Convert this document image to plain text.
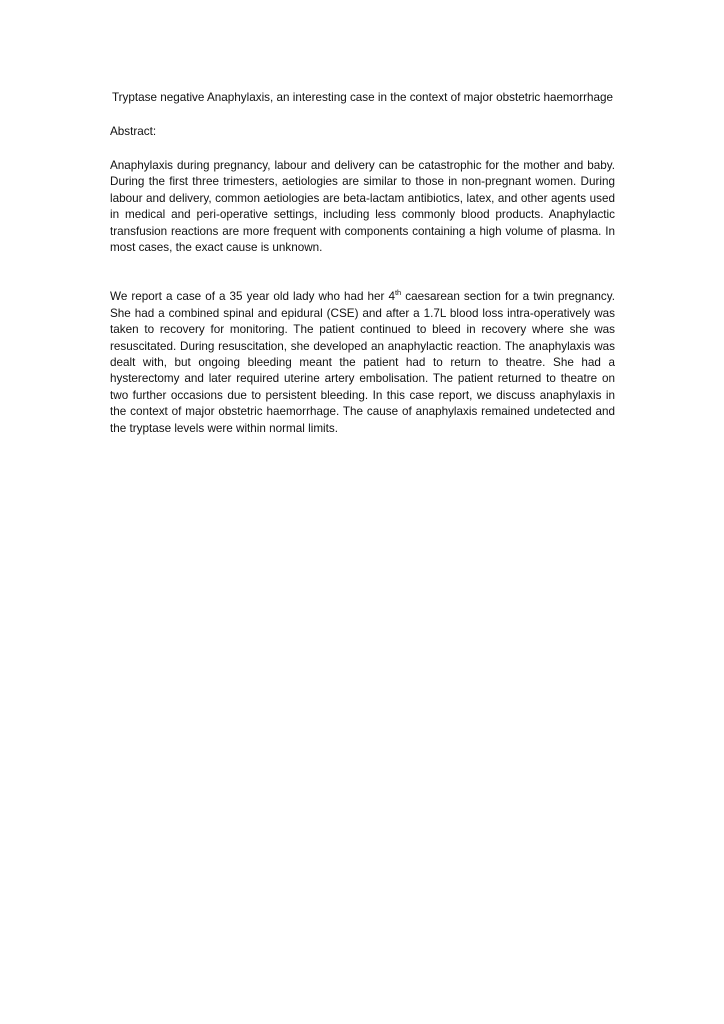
Tryptase negative Anaphylaxis, an interesting case in the context of major obstetric haemorrhage

Abstract:

Anaphylaxis during pregnancy, labour and delivery can be catastrophic for the mother and baby. During the first three trimesters, aetiologies are similar to those in non-pregnant women. During labour and delivery, common aetiologies are beta-lactam antibiotics, latex, and other agents used in medical and peri-operative settings, including less commonly blood products. Anaphylactic transfusion reactions are more frequent with components containing a high volume of plasma. In most cases, the exact cause is unknown.

We report a case of a 35 year old lady who had her 4th caesarean section for a twin pregnancy. She had a combined spinal and epidural (CSE) and after a 1.7L blood loss intra-operatively was taken to recovery for monitoring. The patient continued to bleed in recovery where she was resuscitated. During resuscitation, she developed an anaphylactic reaction. The anaphylaxis was dealt with, but ongoing bleeding meant the patient had to return to theatre. She had a hysterectomy and later required uterine artery embolisation. The patient returned to theatre on two further occasions due to persistent bleeding. In this case report, we discuss anaphylaxis in the context of major obstetric haemorrhage. The cause of anaphylaxis remained undetected and the tryptase levels were within normal limits.
